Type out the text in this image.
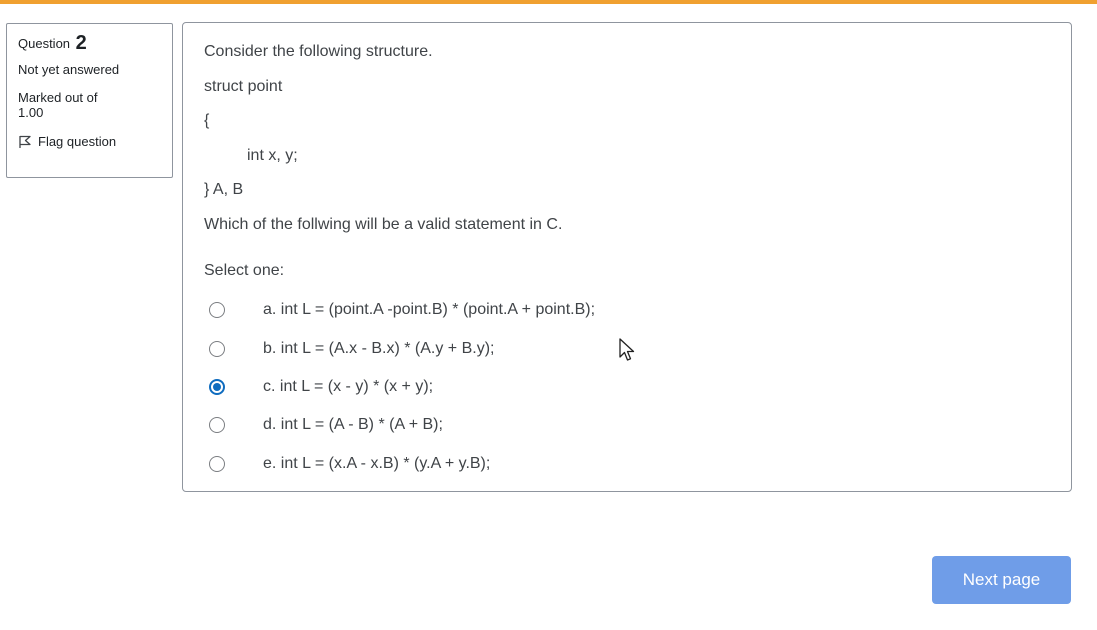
Question 2
Not yet answered
Marked out of
1.00
Flag question

Consider the following structure.

struct point

{

int x, y;

} A, B

Which of the follwing will be a valid statement in C.

Select one:
a. int L = (point.A -point.B) * (point.A + point.B);
b. int L = (A.x - B.x) * (A.y + B.y);
c. int L = (x - y) * (x + y);
d. int L = (A - B) * (A + B);
e. int L = (x.A - x.B) * (y.A + y.B);
Next page
